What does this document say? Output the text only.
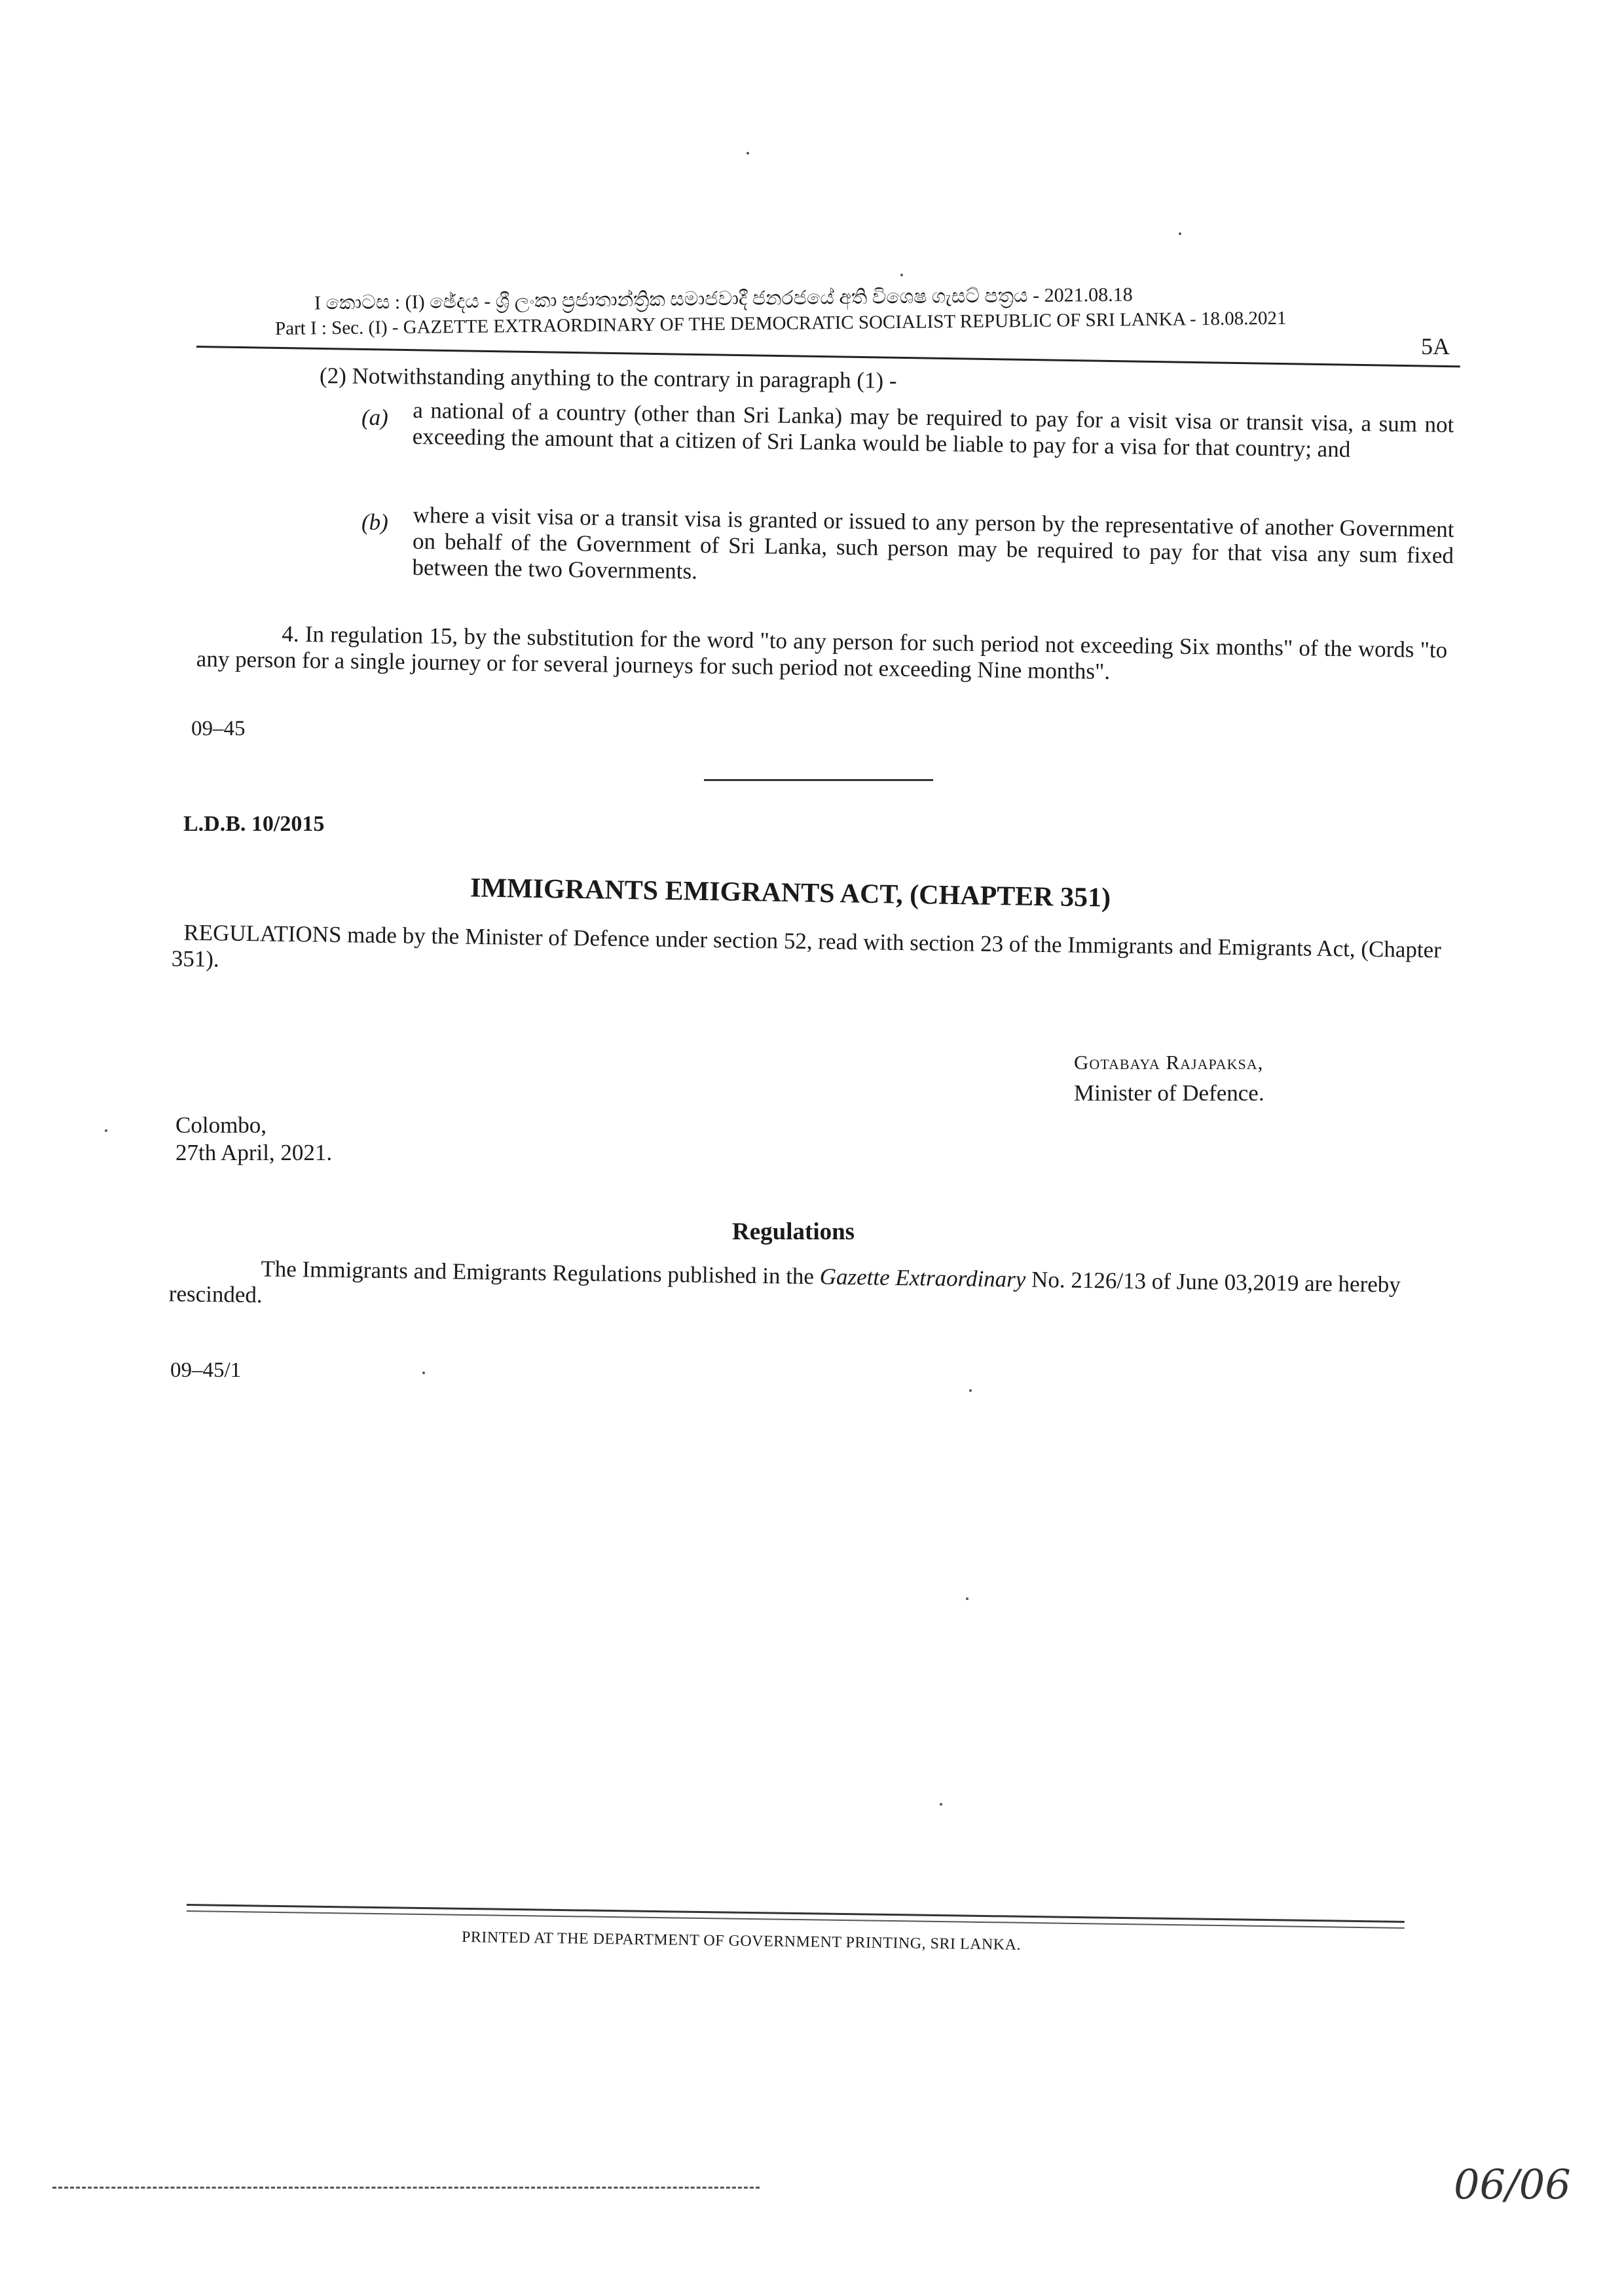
I කොටස : (I) ඡේදය - ශ්‍රී ලංකා ප්‍රජාතාන්ත්‍රික සමාජවාදී ජනරජයේ අති විශෙෂ ගැසට් පත්‍රය - 2021.08.18
Part I : Sec. (I) - GAZETTE EXTRAORDINARY OF THE DEMOCRATIC SOCIALIST REPUBLIC OF SRI LANKA - 18.08.2021
5A
(2) Notwithstanding anything to the contrary in paragraph (1) -
(a) a national of a country (other than Sri Lanka) may be required to pay for a visit visa or transit visa, a sum not exceeding the amount that a citizen of Sri Lanka would be liable to pay for a visa for that country; and
(b) where a visit visa or a transit visa is granted or issued to any person by the representative of another Government on behalf of the Government of Sri Lanka, such person may be required to pay for that visa any sum fixed between the two Governments.
4. In regulation 15, by the substitution for the word "to any person for such period not exceeding Six months" of the words "to any person for a single journey or for several journeys for such period not exceeding Nine months".
09–45
L.D.B. 10/2015
IMMIGRANTS EMIGRANTS ACT, (CHAPTER 351)
REGULATIONS made by the Minister of Defence under section 52, read with section 23 of the Immigrants and Emigrants Act, (Chapter 351).
Gotabaya Rajapaksa,
Minister of Defence.
Colombo,
27th April, 2021.
Regulations
The Immigrants and Emigrants Regulations published in the Gazette Extraordinary No. 2126/13 of June 03,2019 are hereby rescinded.
09–45/1
PRINTED AT THE DEPARTMENT OF GOVERNMENT PRINTING, SRI LANKA.
06/06
